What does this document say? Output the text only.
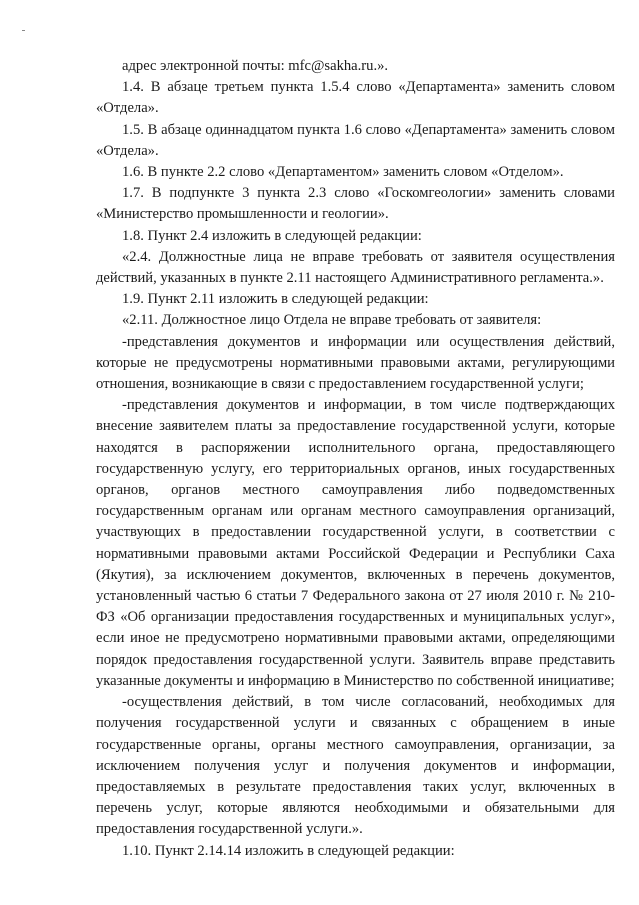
адрес электронной почты: mfc@sakha.ru.».

1.4. В абзаце третьем пункта 1.5.4 слово «Департамента» заменить словом «Отдела».

1.5. В абзаце одиннадцатом пункта 1.6 слово «Департамента» заменить словом «Отдела».

1.6. В пункте 2.2 слово «Департаментом» заменить словом «Отделом».

1.7. В подпункте 3 пункта 2.3 слово «Госкомгеологии» заменить словами «Министерство промышленности и геологии».

1.8. Пункт 2.4 изложить в следующей редакции:

«2.4. Должностные лица не вправе требовать от заявителя осуществления действий, указанных в пункте 2.11 настоящего Административного регламента.».

1.9. Пункт 2.11 изложить в следующей редакции:

«2.11. Должностное лицо Отдела не вправе требовать от заявителя:

-представления документов и информации или осуществления действий, которые не предусмотрены нормативными правовыми актами, регулирующими отношения, возникающие в связи с предоставлением государственной услуги;

-представления документов и информации, в том числе подтверждающих внесение заявителем платы за предоставление государственной услуги, которые находятся в распоряжении исполнительного органа, предоставляющего государственную услугу, его территориальных органов, иных государственных органов, органов местного самоуправления либо подведомственных государственным органам или органам местного самоуправления организаций, участвующих в предоставлении государственной услуги, в соответствии с нормативными правовыми актами Российской Федерации и Республики Саха (Якутия), за исключением документов, включенных в перечень документов, установленный частью 6 статьи 7 Федерального закона от 27 июля 2010 г. № 210-ФЗ «Об организации предоставления государственных и муниципальных услуг», если иное не предусмотрено нормативными правовыми актами, определяющими порядок предоставления государственной услуги. Заявитель вправе представить указанные документы и информацию в Министерство по собственной инициативе;

-осуществления действий, в том числе согласований, необходимых для получения государственной услуги и связанных с обращением в иные государственные органы, органы местного самоуправления, организации, за исключением получения услуг и получения документов и информации, предоставляемых в результате предоставления таких услуг, включенных в перечень услуг, которые являются необходимыми и обязательными для предоставления государственной услуги.».

1.10. Пункт 2.14.14 изложить в следующей редакции:
